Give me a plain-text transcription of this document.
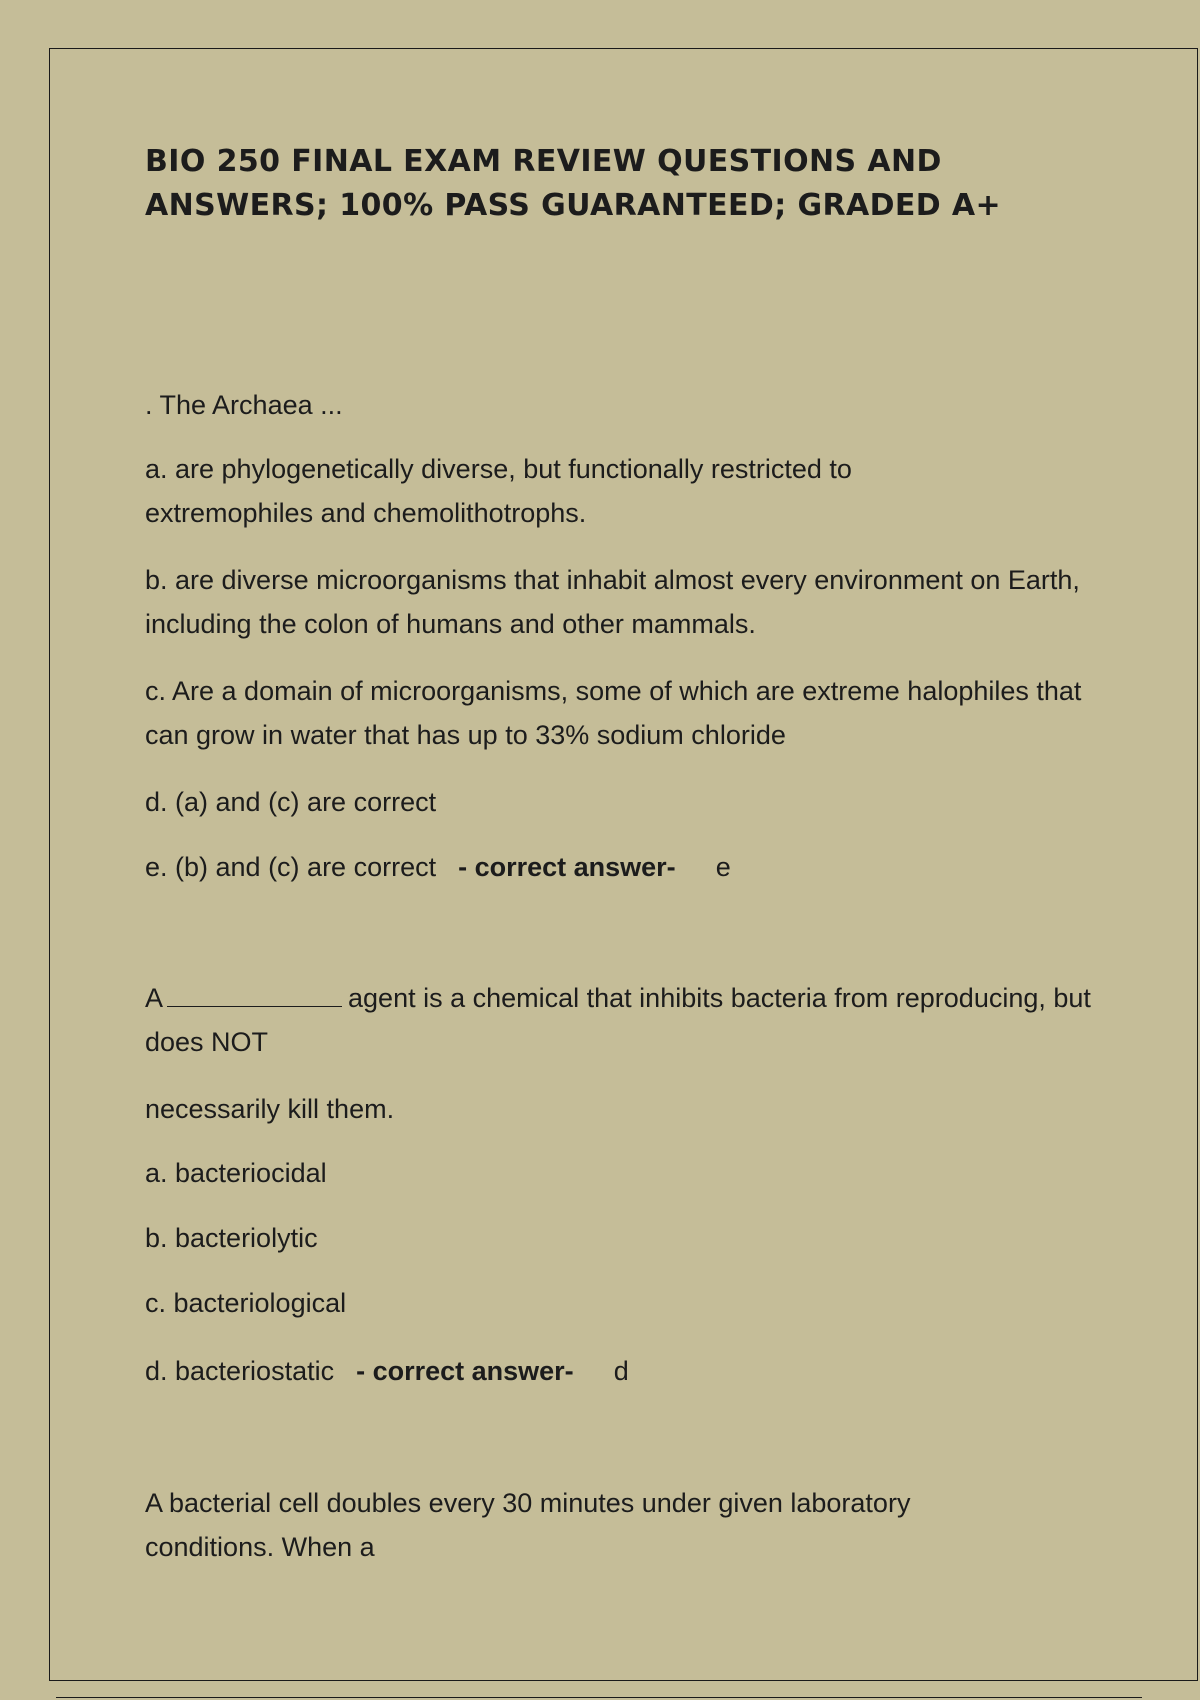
BIO 250 FINAL EXAM REVIEW QUESTIONS AND ANSWERS; 100% PASS GUARANTEED; GRADED A+

. The Archaea ...

a. are phylogenetically diverse, but functionally restricted to extremophiles and chemolithotrophs.

b. are diverse microorganisms that inhabit almost every environment on Earth, including the colon of humans and other mammals.

c. Are a domain of microorganisms, some of which are extreme halophiles that can grow in water that has up to 33% sodium chloride

d. (a) and (c) are correct

e. (b) and (c) are correct - correct answer- e

A	agent is a chemical that inhibits bacteria from reproducing, but does NOT

necessarily kill them.

a. bacteriocidal

b. bacteriolytic

c. bacteriological

d. bacteriostatic - correct answer- d

A bacterial cell doubles every 30 minutes under given laboratory conditions. When a
